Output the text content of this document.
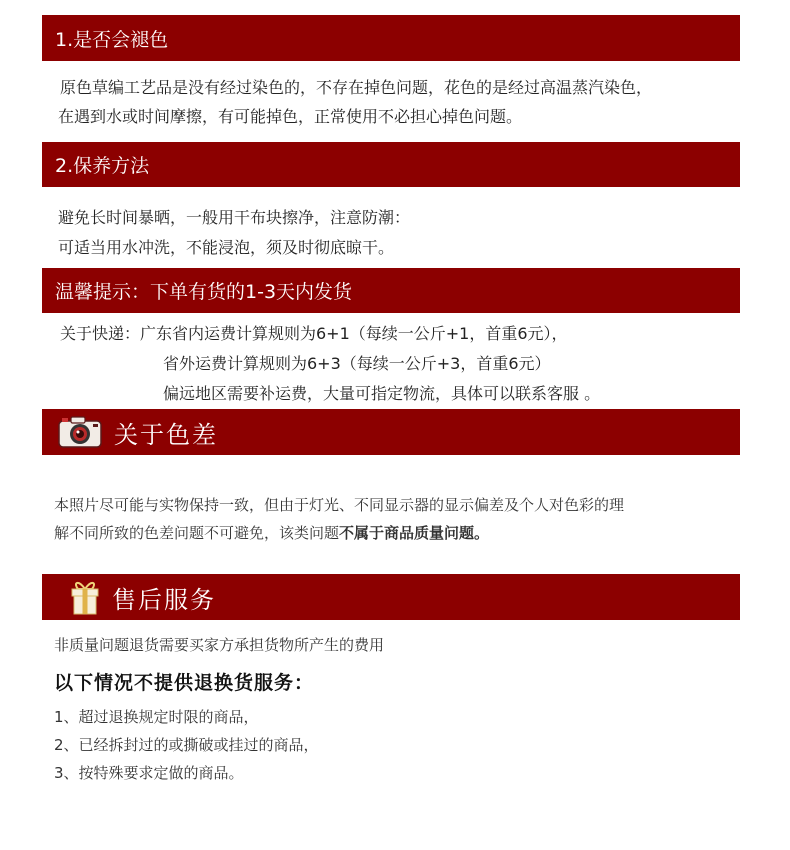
1.是否会褪色
原色草编工艺品是没有经过染色的，不存在掉色问题，花色的是经过高温蒸汽染色，
在遇到水或时间摩擦，有可能掉色，正常使用不必担心掉色问题。
2.保养方法
避免长时间暴晒，一般用干布块擦净，注意防潮：
可适当用水冲洗，不能浸泡，须及时彻底晾干。
温馨提示：下单有货的1-3天内发货
关于快递：广东省内运费计算规则为6+1（每续一公斤+1，首重6元），
省外运费计算规则为6+3（每续一公斤+3，首重6元）
偏远地区需要补运费，大量可指定物流，具体可以联系客服 。
关于色差
本照片尽可能与实物保持一致，但由于灯光、不同显示器的显示偏差及个人对色彩的理
解不同所致的色差问题不可避免，该类问题不属于商品质量问题。
售后服务
非质量问题退货需要买家方承担货物所产生的费用
以下情况不提供退换货服务：
1、超过退换规定时限的商品，
2、已经拆封过的或撕破或挂过的商品，
3、按特殊要求定做的商品。
